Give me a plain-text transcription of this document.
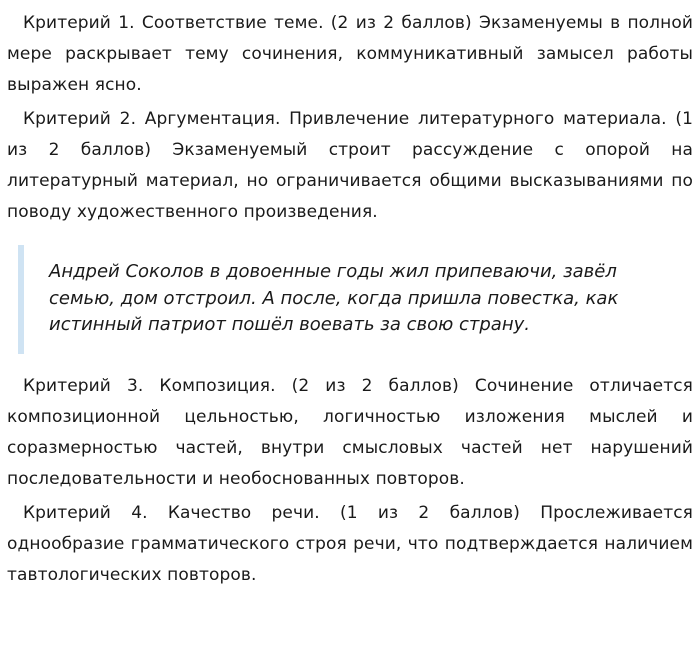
Критерий 1. Соответствие теме. (2 из 2 баллов) Экзаменуемы в полной мере раскрывает тему сочинения, коммуникативный замысел работы выражен ясно.

Критерий 2. Аргументация. Привлечение литературного материала. (1 из 2 баллов) Экзаменуемый строит рассуждение с опорой на литературный материал, но ограничивается общими высказываниями по поводу художественного произведения.

Андрей Соколов в довоенные годы жил припеваючи, завёл семью, дом отстроил. А после, когда пришла повестка, как истинный патриот пошёл воевать за свою страну.

Критерий 3. Композиция. (2 из 2 баллов) Сочинение отличается композиционной цельностью, логичностью изложения мыслей и соразмерностью частей, внутри смысловых частей нет нарушений последовательности и необоснованных повторов.

Критерий 4. Качество речи. (1 из 2 баллов) Прослеживается однообразие грамматического строя речи, что подтверждается наличием тавтологических повторов.
